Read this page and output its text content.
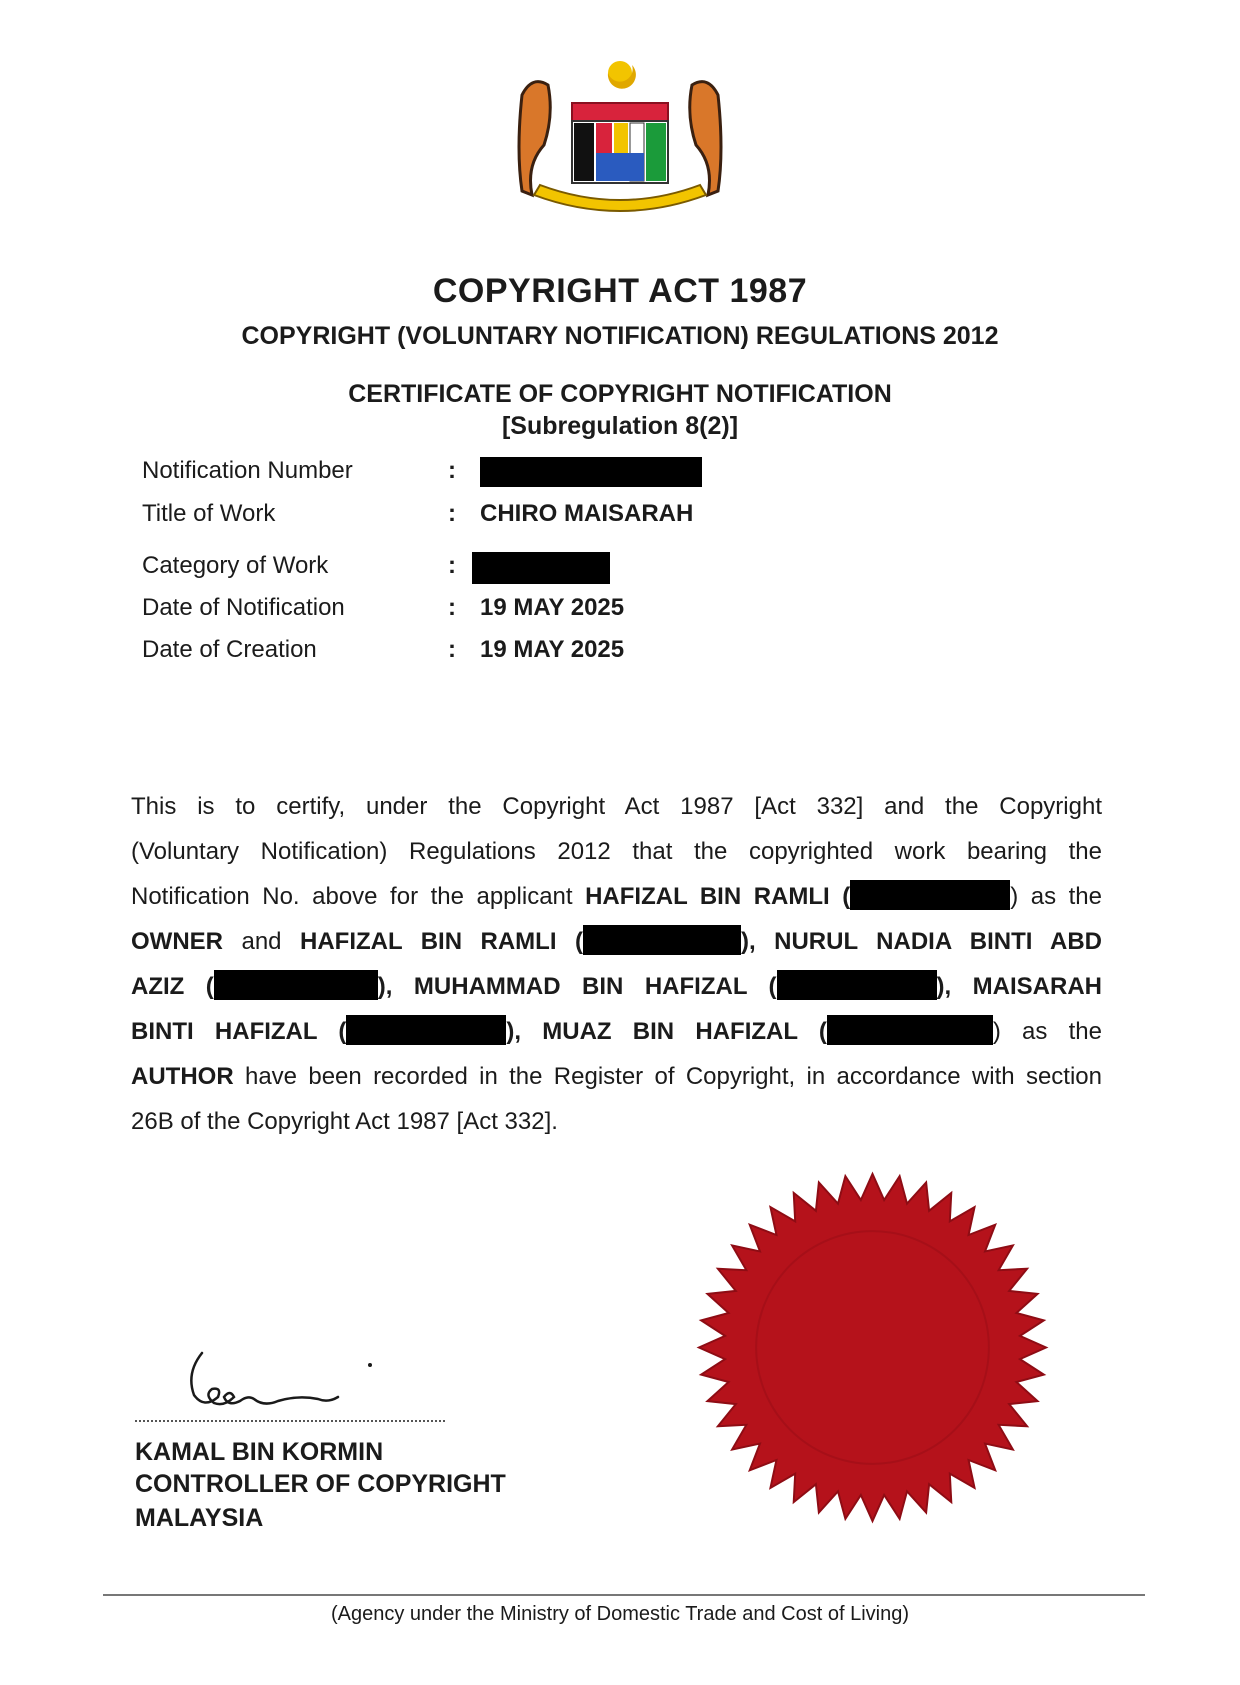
COPYRIGHT ACT 1987
COPYRIGHT (VOLUNTARY NOTIFICATION) REGULATIONS 2012
CERTIFICATE OF COPYRIGHT NOTIFICATION
[Subregulation 8(2)]
Notification Number	:
Title of Work	: CHIRO MAISARAH
Category of Work	:
Date of Notification	: 19 MAY 2025
Date of Creation	: 19 MAY 2025
This is to certify, under the Copyright Act 1987 [Act 332] and the Copyright
(Voluntary Notification) Regulations 2012 that the copyrighted work bearing the
Notification No. above for the applicant HAFIZAL BIN RAMLI (	) as the
OWNER and HAFIZAL BIN RAMLI (	), NURUL NADIA BINTI ABD
AZIZ (	), MUHAMMAD BIN HAFIZAL (	), MAISARAH
BINTI HAFIZAL (	), MUAZ BIN HAFIZAL (	) as the
AUTHOR have been recorded in the Register of Copyright, in accordance with section
26B of the Copyright Act 1987 [Act 332].
KAMAL BIN KORMIN
CONTROLLER OF COPYRIGHT
MALAYSIA
(Agency under the Ministry of Domestic Trade and Cost of Living)
